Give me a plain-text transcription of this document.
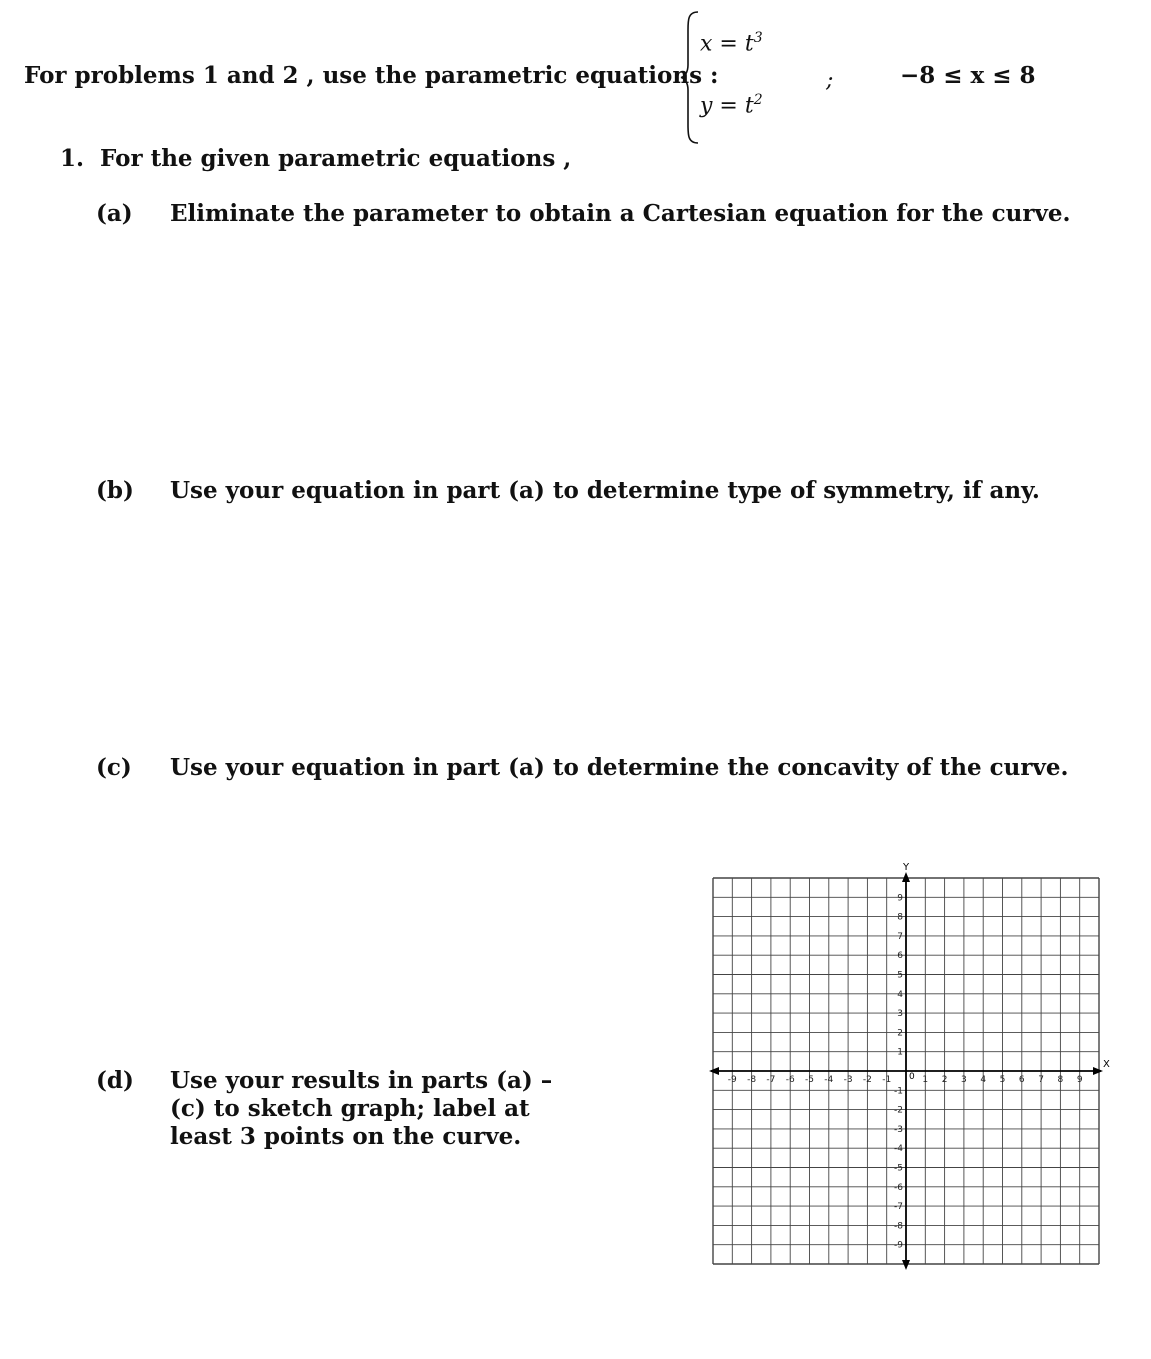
For problems 1 and 2 , use the parametric equations :
$x = t^3$
$y = t^2$
;	−8 ≤ x ≤ 8
1. For the given parametric equations ,
(a) Eliminate the parameter to obtain a Cartesian equation for the curve.
(b) Use your equation in part (a) to determine type of symmetry, if any.
(c) Use your equation in part (a) to determine the concavity of the curve.
(d) Use your results in parts (a) – (c) to sketch graph; label at least 3 points on the curve.
X
Y
0
-9 -8 -7 -6 -5 -4 -3 -2 -1	1 2 3 4 5 6 7 8 9
9
8
7
6
5
4
3
2
1
-1
-2
-3
-4
-5
-6
-7
-8
-9
